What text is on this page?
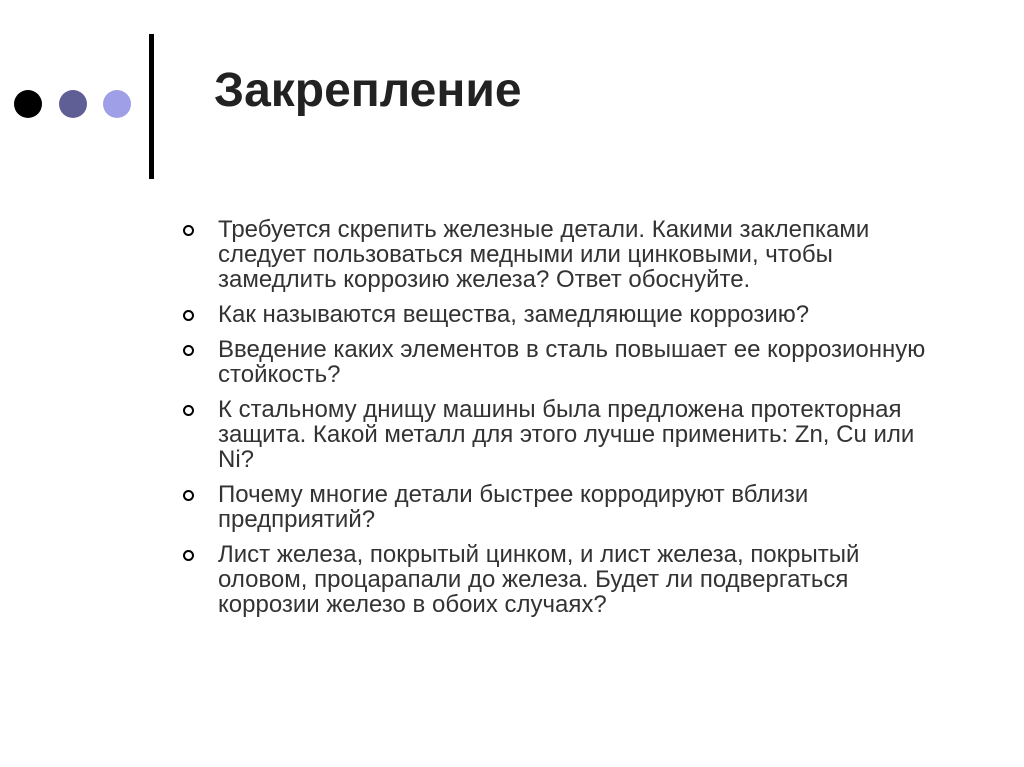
Закрепление
Требуется скрепить железные детали. Какими заклепками следует пользоваться медными или цинковыми, чтобы замедлить коррозию железа? Ответ обоснуйте.
Как называются вещества, замедляющие коррозию?
Введение каких элементов в сталь повышает ее коррозионную стойкость?
К стальному днищу машины была предложена протекторная защита. Какой металл для этого лучше применить: Zn, Cu или Ni?
Почему многие детали быстрее корродируют вблизи предприятий?
Лист железа, покрытый цинком, и лист железа, покрытый оловом, процарапали до железа. Будет ли подвергаться коррозии железо в обоих случаях?
